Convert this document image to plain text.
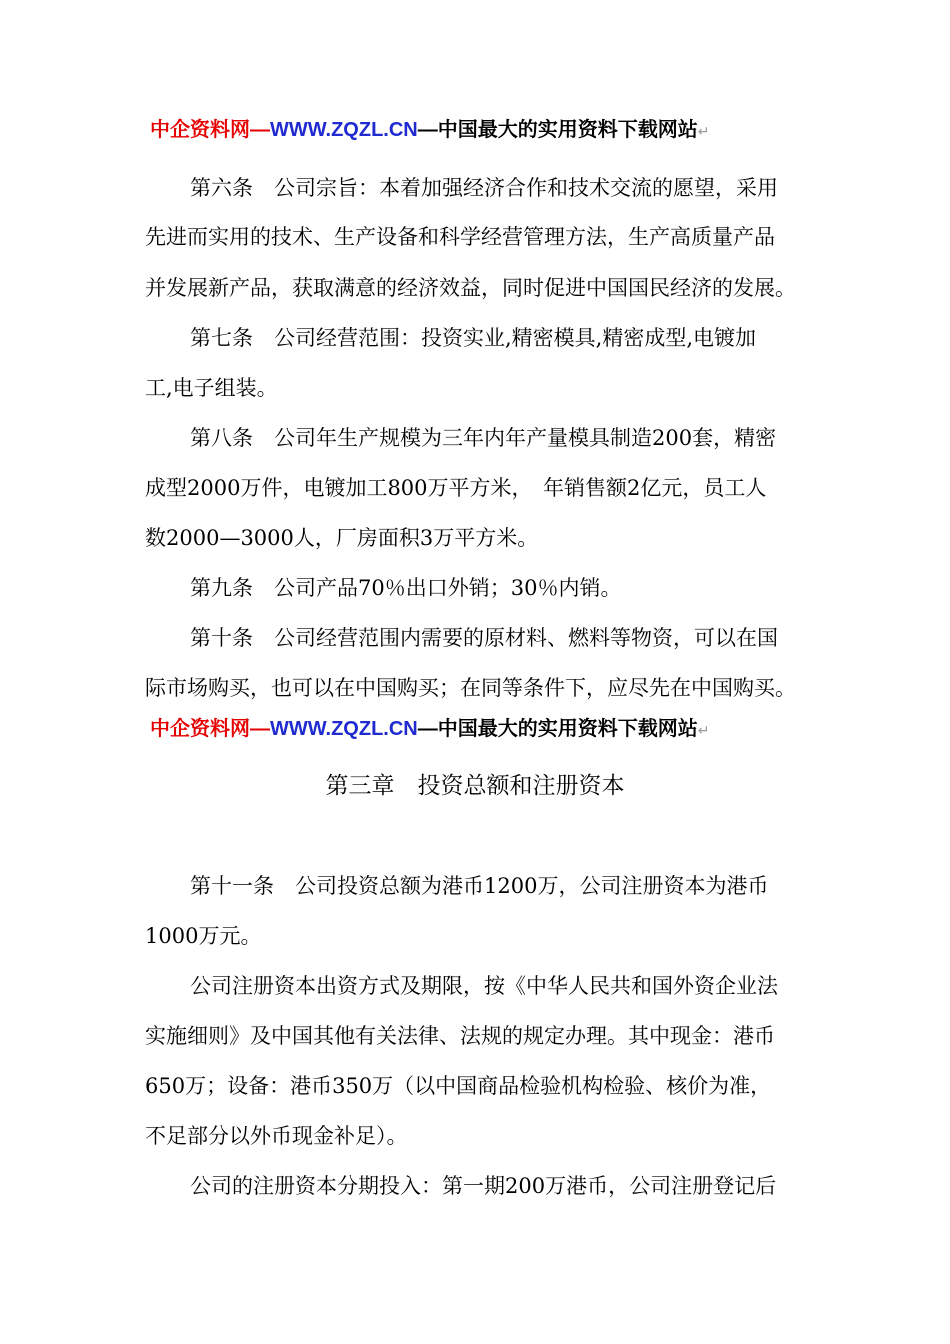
中企资料网—WWW.ZQZL.CN—中国最大的实用资料下载网站↵
第六条　公司宗旨：本着加强经济合作和技术交流的愿望，采用
先进而实用的技术、生产设备和科学经营管理方法，生产高质量产品
并发展新产品，获取满意的经济效益，同时促进中国国民经济的发展。
第七条　公司经营范围：投资实业,精密模具,精密成型,电镀加
工,电子组装。
第八条　公司年生产规模为三年内年产量模具制造200套，精密
成型2000万件，电镀加工800万平方米，　年销售额2亿元，员工人
数2000—3000人，厂房面积3万平方米。
第九条　公司产品70％出口外销；30％内销。
第十条　公司经营范围内需要的原材料、燃料等物资，可以在国
际市场购买，也可以在中国购买；在同等条件下，应尽先在中国购买。
中企资料网—WWW.ZQZL.CN—中国最大的实用资料下载网站↵
第三章　投资总额和注册资本
第十一条　公司投资总额为港币1200万，公司注册资本为港币
1000万元。
公司注册资本出资方式及期限，按《中华人民共和国外资企业法
实施细则》及中国其他有关法律、法规的规定办理。其中现金：港币
650万；设备：港币350万（以中国商品检验机构检验、核价为准，
不足部分以外币现金补足）。
公司的注册资本分期投入：第一期200万港币，公司注册登记后
